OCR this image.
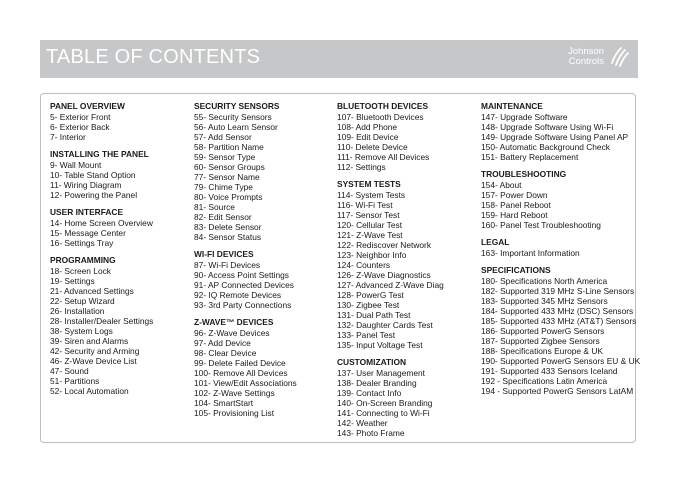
TABLE OF CONTENTS	Johnson
Controls
PANEL OVERVIEW
5- Exterior Front
6- Exterior Back
7- Interior
INSTALLING THE PANEL
9- Wall Mount
10- Table Stand Option
11- Wiring Diagram
12- Powering the Panel
USER INTERFACE
14- Home Screen Overview
15- Message Center
16- Settings Tray
PROGRAMMING
18- Screen Lock
19- Settings
21- Advanced Settings
22- Setup Wizard
26- Installation
28- Installer/Dealer Settings
38- System Logs
39- Siren and Alarms
42- Security and Arming
46- Z-Wave Device List
47- Sound
51- Partitions
52- Local Automation
SECURITY SENSORS
55- Security Sensors
56- Auto Learn Sensor
57- Add Sensor
58- Partition Name
59- Sensor Type
60- Sensor Groups
77- Sensor Name
79- Chime Type
80- Voice Prompts
81- Source
82- Edit Sensor
83- Delete Sensor
84- Sensor Status
WI-FI DEVICES
87- Wi-Fi Devices
90- Access Point Settings
91- AP Connected Devices
92- IQ Remote Devices
93- 3rd Party Connections
Z-WAVE™ DEVICES
96- Z-Wave Devices
97- Add Device
98- Clear Device
99- Delete Failed Device
100- Remove All Devices
101- View/Edit Associations
102- Z-Wave Settings
104- SmartStart
105- Provisioning List
BLUETOOTH DEVICES
107- Bluetooth Devices
108- Add Phone
109- Edit Device
110- Delete Device
111- Remove All Devices
112- Settings
SYSTEM TESTS
114- System Tests
116- Wi-Fi Test
117- Sensor Test
120- Cellular Test
121- Z-Wave Test
122- Rediscover Network
123- Neighbor Info
124- Counters
126- Z-Wave Diagnostics
127- Advanced Z-Wave Diag
128- PowerG Test
130- Zigbee Test
131- Dual Path Test
132- Daughter Cards Test
133- Panel Test
135- Input Voltage Test
CUSTOMIZATION
137- User Management
138- Dealer Branding
139- Contact Info
140- On-Screen Branding
141- Connecting to Wi-Fi
142- Weather
143- Photo Frame
MAINTENANCE
147- Upgrade Software
148- Upgrade Software Using Wi-Fi
149- Upgrade Software Using Panel AP
150- Automatic Background Check
151- Battery Replacement
TROUBLESHOOTING
154- About
157- Power Down
158- Panel Reboot
159- Hard Reboot
160- Panel Test Troubleshooting
LEGAL
163- Important Information
SPECIFICATIONS
180- Specifications North America
182- Supported 319 MHz S-Line Sensors
183- Supported 345 MHz Sensors
184- Supported 433 MHz (DSC) Sensors
185- Supported 433 MHz (AT&T) Sensors
186- Supported PowerG Sensors
187- Supported Zigbee Sensors
188- Specifications Europe & UK
190- Supported PowerG Sensors EU & UK
191- Supported 433 Sensors Iceland
192 - Specifications Latin America
194 - Supported PowerG Sensors LatAM
